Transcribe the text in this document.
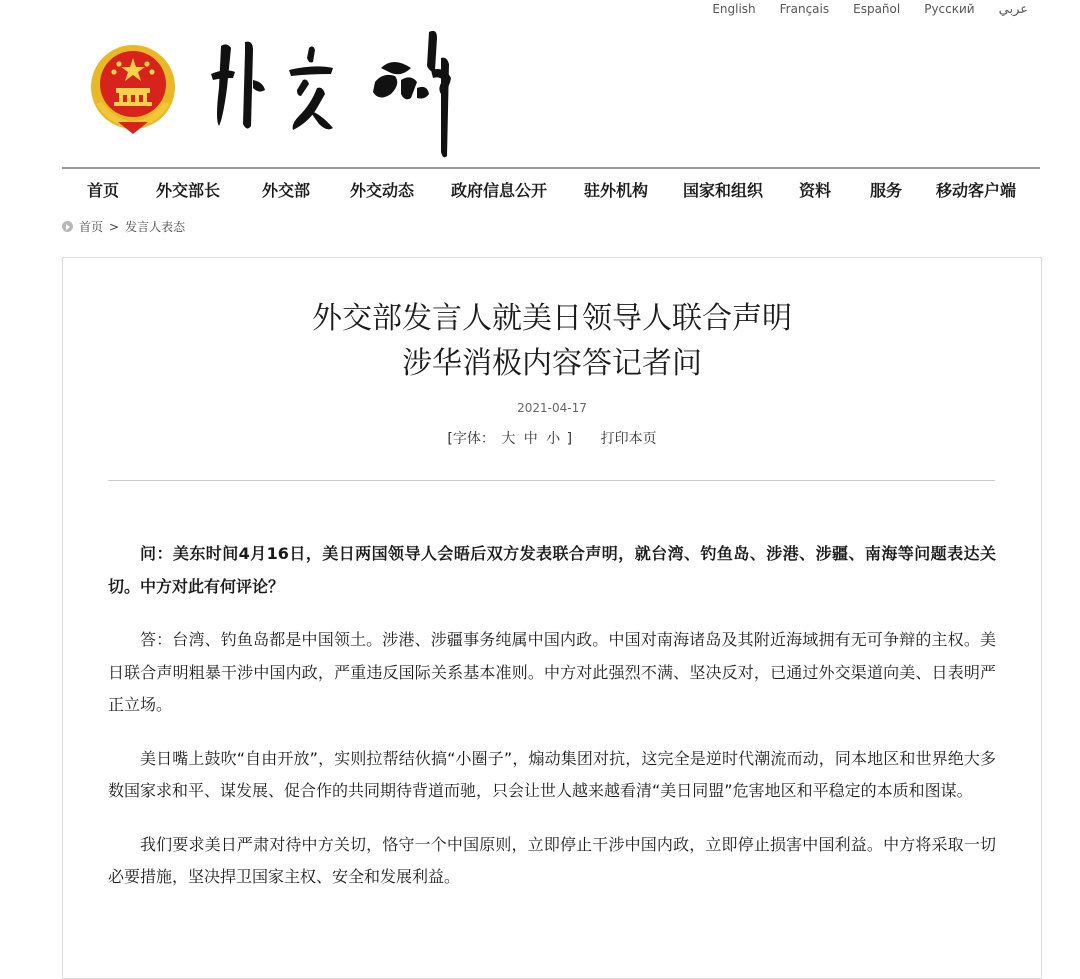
English Français Español Русский عربي
首页 外交部长	外交部 外交动态 政府信息公开 驻外机构 国家和组织 资料 服务 移动客户端
首页 > 发言人表态
外交部发言人就美日领导人联合声明
涉华消极内容答记者问
2021-04-17
[字体： 大 中 小 ] 打印本页

问：美东时间4月16日，美日两国领导人会晤后双方发表联合声明，就台湾、钓鱼岛、涉港、涉疆、南海等问题表达关切。中方对此有何评论？

答：台湾、钓鱼岛都是中国领土。涉港、涉疆事务纯属中国内政。中国对南海诸岛及其附近海域拥有无可争辩的主权。美日联合声明粗暴干涉中国内政，严重违反国际关系基本准则。中方对此强烈不满、坚决反对，已通过外交渠道向美、日表明严正立场。

美日嘴上鼓吹“自由开放”，实则拉帮结伙搞“小圈子”，煽动集团对抗，这完全是逆时代潮流而动，同本地区和世界绝大多数国家求和平、谋发展、促合作的共同期待背道而驰，只会让世人越来越看清“美日同盟”危害地区和平稳定的本质和图谋。

我们要求美日严肃对待中方关切，恪守一个中国原则，立即停止干涉中国内政，立即停止损害中国利益。中方将采取一切必要措施，坚决捍卫国家主权、安全和发展利益。
